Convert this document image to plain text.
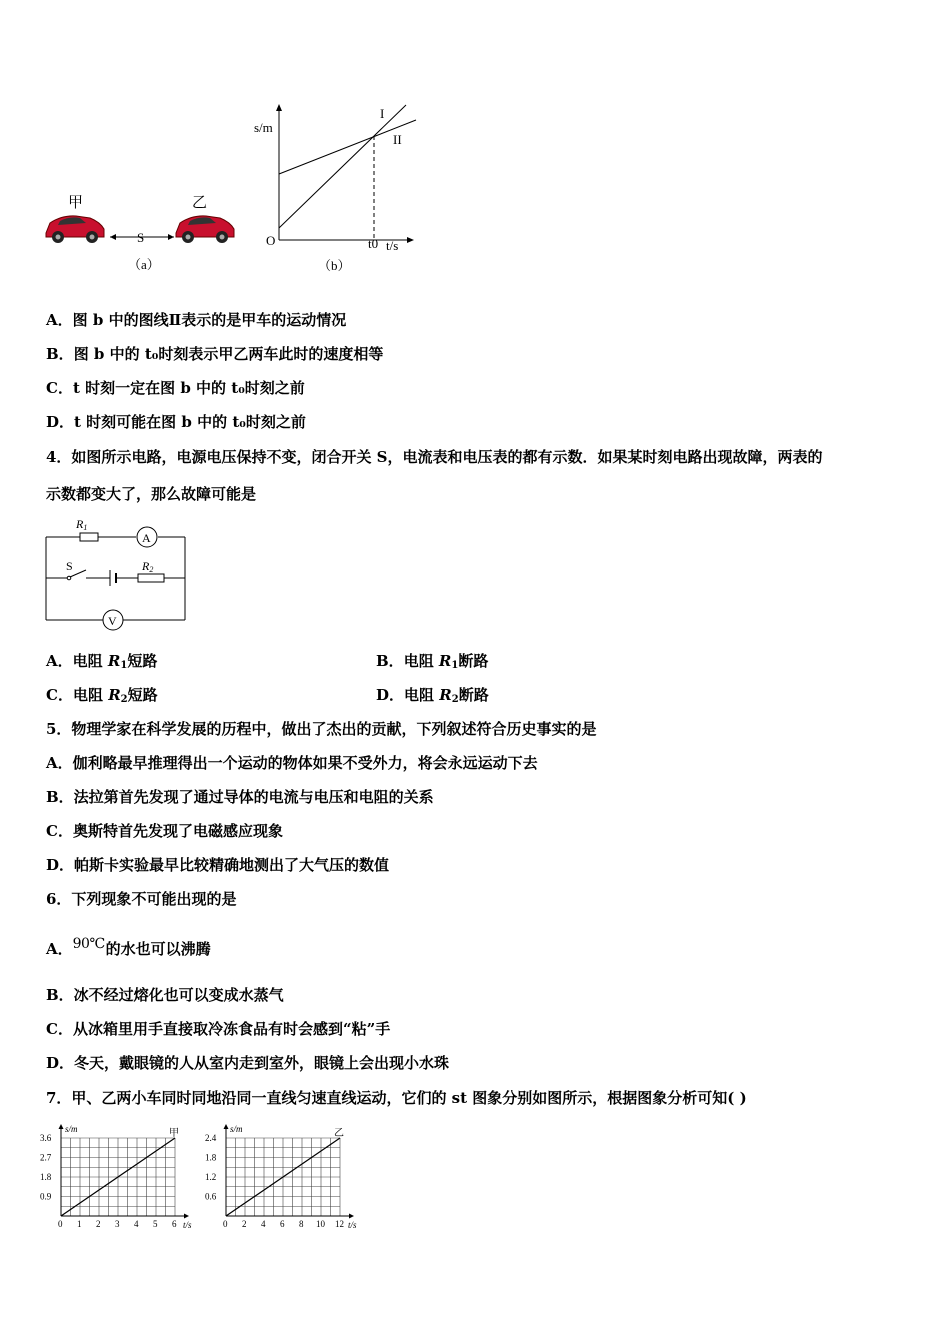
甲	乙
S
（a）
s/m
t/s
O	t0
I
II
（b）
A．图 b 中的图线Ⅱ表示的是甲车的运动情况
B．图 b 中的 t₀时刻表示甲乙两车此时的速度相等
C．t 时刻一定在图 b 中的 t₀时刻之前
D．t 时刻可能在图 b 中的 t₀时刻之前
4．如图所示电路，电源电压保持不变，闭合开关 S，电流表和电压表的都有示数．如果某时刻电路出现故障，两表的
示数都变大了，那么故障可能是
R1
A
S	R2
V
A．电阻 $R_1$短路	B．电阻 $R_1$断路
C．电阻 $R_2$短路	D．电阻 $R_2$断路
5．物理学家在科学发展的历程中，做出了杰出的贡献，下列叙述符合历史事实的是
A．伽利略最早推理得出一个运动的物体如果不受外力，将会永远运动下去
B．法拉第首先发现了通过导体的电流与电压和电阻的关系
C．奥斯特首先发现了电磁感应现象
D．帕斯卡实验最早比较精确地测出了大气压的数值
6．下列现象不可能出现的是
A．90℃的水也可以沸腾
B．冰不经过熔化也可以变成水蒸气
C．从冰箱里用手直接取冷冻食品有时会感到“粘”手
D．冬天，戴眼镜的人从室内走到室外，眼镜上会出现小水珠
7．甲、乙两小车同时同地沿同一直线匀速直线运动，它们的 st 图象分别如图所示，根据图象分析可知( )
0 1 2 3 4 5 6
0.9
1.8
2.7
3.6
s/m
t/s
甲
0 2 4 6 8 10 12
0.6
1.2
1.8
2.4
s/m
t/s
乙
